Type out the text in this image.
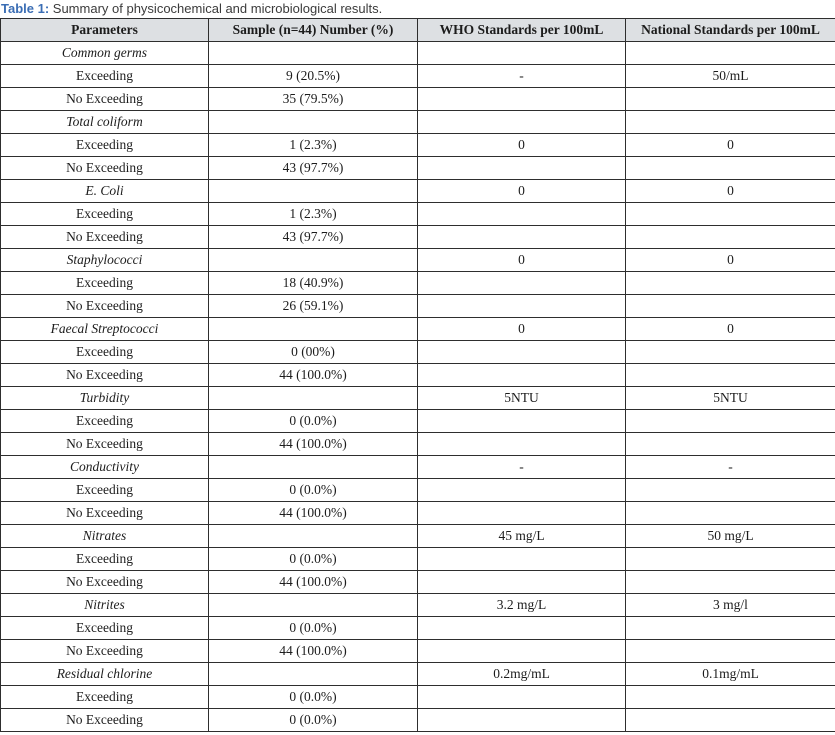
Table 1: Summary of physicochemical and microbiological results.
Parameters	Sample (n=44) Number (%)	WHO Standards per 100mL	National Standards per 100mL
Common germs			
Exceeding	9 (20.5%)	-	50/mL
No Exceeding	35 (79.5%)		
Total coliform			
Exceeding	1 (2.3%)	0	0
No Exceeding	43 (97.7%)		
E. Coli		0	0
Exceeding	1 (2.3%)		
No Exceeding	43 (97.7%)		
Staphylococci		0	0
Exceeding	18 (40.9%)		
No Exceeding	26 (59.1%)		
Faecal Streptococci		0	0
Exceeding	0 (00%)		
No Exceeding	44 (100.0%)		
Turbidity		5NTU	5NTU
Exceeding	0 (0.0%)		
No Exceeding	44 (100.0%)		
Conductivity		-	-
Exceeding	0 (0.0%)		
No Exceeding	44 (100.0%)		
Nitrates		45 mg/L	50 mg/L
Exceeding	0 (0.0%)		
No Exceeding	44 (100.0%)		
Nitrites		3.2 mg/L	3 mg/l
Exceeding	0 (0.0%)		
No Exceeding	44 (100.0%)		
Residual chlorine		0.2mg/mL	0.1mg/mL
Exceeding	0 (0.0%)		
No Exceeding	0 (0.0%)		
